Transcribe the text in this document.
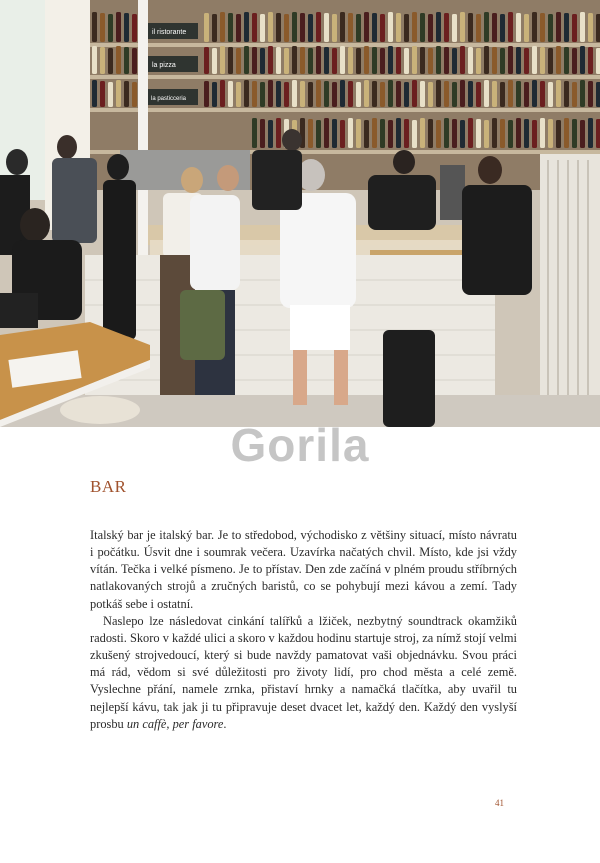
il ristorante
la pizza
la pasticceria
Gorila
BAR

Italský bar je italský bar. Je to středobod, východisko z většiny situací, místo návratu i počátku. Úsvit dne i soumrak večera. Uzavírka načatých chvil. Místo, kde jsi vždy vítán. Tečka i velké písmeno. Je to přístav. Den zde začíná v plném proudu stříbrných natlakovaných strojů a zručných baristů, co se pohybují mezi kávou a zemí. Tady potkáš sebe i ostatní.

Naslepo lze následovat cinkání talířků a lžiček, nezbytný soundtrack okamžiků radosti. Skoro v každé ulici a skoro v každou hodinu startuje stroj, za nímž stojí velmi zkušený strojvedoucí, který si bude navždy pamatovat vaši objednávku. Svou práci má rád, vědom si své důležitosti pro životy lidí, pro chod města a celé země. Vyslechne přání, namele zrnka, přistaví hrnky a namačká tlačítka, aby uvařil tu nejlepší kávu, tak jak ji tu připravuje deset dvacet let, každý den. Každý den vyslyší prosbu un caffè, per favore.

41
